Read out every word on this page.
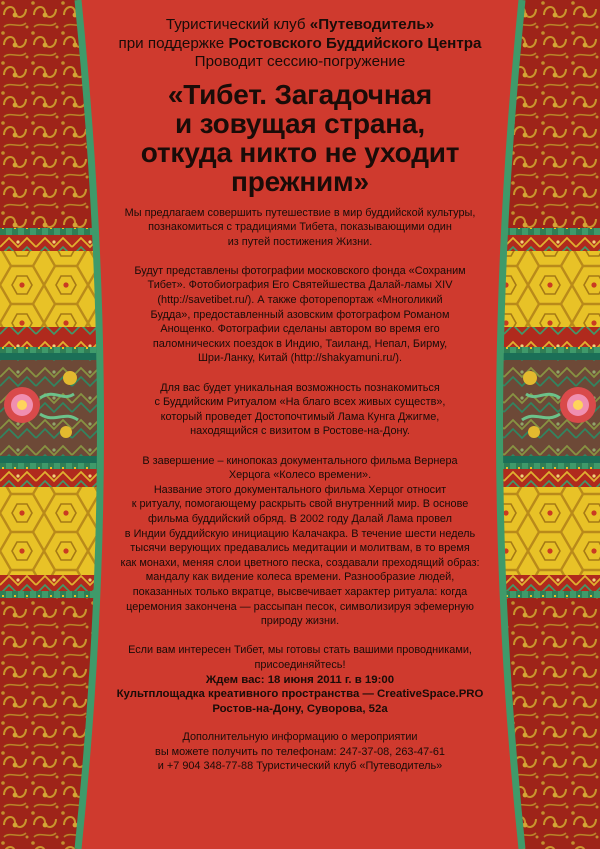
Туристический клуб «Путеводитель»
при поддержке Ростовского Буддийского Центра
Проводит сессию-погружение
«Тибет. Загадочная
и зовущая страна,
откуда никто не уходит
прежним»

Мы предлагаем совершить путешествие в мир буддийской культуры,
познакомиться с традициями Тибета, показывающими один
из путей постижения Жизни.

Будут представлены фотографии московского фонда «Сохраним
Тибет». Фотобиография Его Святейшества Далай-ламы XIV
(http://savetibet.ru/). А также фоторепортаж «Многоликий
Будда», предоставленный азовским фотографом Романом
Анощенко. Фотографии сделаны автором во время его
паломнических поездок в Индию, Таиланд, Непал, Бирму,
Шри-Ланку, Китай (http://shakyamuni.ru/).

Для вас будет уникальная возможность познакомиться
с Буддийским Ритуалом «На благо всех живых существ»,
который проведет Достопочтимый Лама Кунга Джигме,
находящийся с визитом в Ростове-на-Дону.

В завершение – кинопоказ документального фильма Вернера
Херцога «Колесо времени».
Название этого документального фильма Херцог относит
к ритуалу, помогающему раскрыть свой внутренний мир. В основе
фильма буддийский обряд. В 2002 году Далай Лама провел
в Индии буддийскую инициацию Калачакра. В течение шести недель
тысячи верующих предавались медитации и молитвам, в то время
как монахи, меняя слои цветного песка, создавали преходящий образ:
мандалу как видение колеса времени. Разнообразие людей,
показанных только вкратце, высвечивает характер ритуала: когда
церемония закончена — рассыпан песок, символизируя эфемерную
природу жизни.

Если вам интересен Тибет, мы готовы стать вашими проводниками,
присоединяйтесь!

Ждем вас: 18 июня 2011 г. в 19:00
Культплощадка креативного пространства — CreativeSpace.PRO
Ростов-на-Дону, Суворова, 52а
Дополнительную информацию о мероприятии
вы можете получить по телефонам: 247-37-08, 263-47-61
и +7 904 348-77-88 Туристический клуб «Путеводитель»
